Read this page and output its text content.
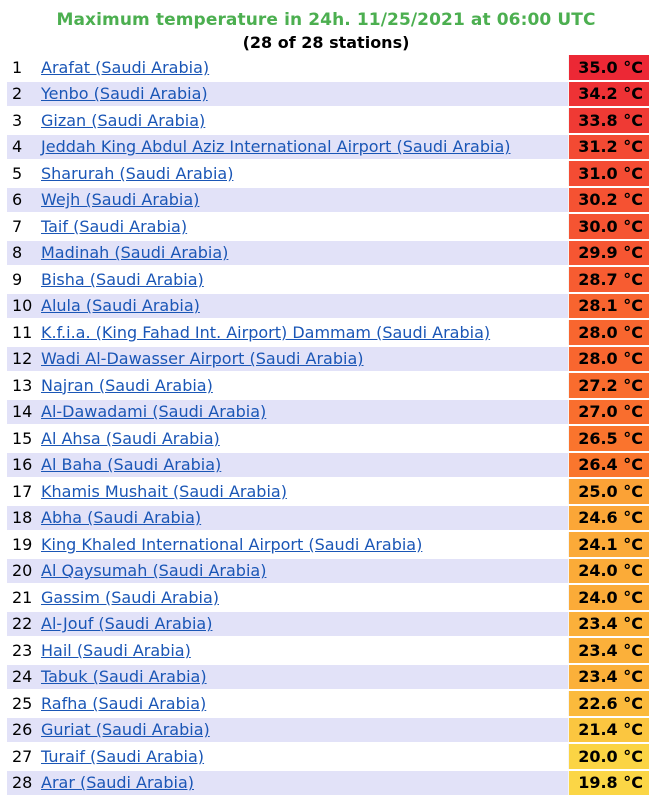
Maximum temperature in 24h. 11/25/2021 at 06:00 UTC
(28 of 28 stations)
1	Arafat (Saudi Arabia)	35.0 °C
2	Yenbo (Saudi Arabia)	34.2 °C
3	Gizan (Saudi Arabia)	33.8 °C
4	Jeddah King Abdul Aziz International Airport (Saudi Arabia)	31.2 °C
5	Sharurah (Saudi Arabia)	31.0 °C
6	Wejh (Saudi Arabia)	30.2 °C
7	Taif (Saudi Arabia)	30.0 °C
8	Madinah (Saudi Arabia)	29.9 °C
9	Bisha (Saudi Arabia)	28.7 °C
10	Alula (Saudi Arabia)	28.1 °C
11	K.f.i.a. (King Fahad Int. Airport) Dammam (Saudi Arabia)	28.0 °C
12	Wadi Al-Dawasser Airport (Saudi Arabia)	28.0 °C
13	Najran (Saudi Arabia)	27.2 °C
14	Al-Dawadami (Saudi Arabia)	27.0 °C
15	Al Ahsa (Saudi Arabia)	26.5 °C
16	Al Baha (Saudi Arabia)	26.4 °C
17	Khamis Mushait (Saudi Arabia)	25.0 °C
18	Abha (Saudi Arabia)	24.6 °C
19	King Khaled International Airport (Saudi Arabia)	24.1 °C
20	Al Qaysumah (Saudi Arabia)	24.0 °C
21	Gassim (Saudi Arabia)	24.0 °C
22	Al-Jouf (Saudi Arabia)	23.4 °C
23	Hail (Saudi Arabia)	23.4 °C
24	Tabuk (Saudi Arabia)	23.4 °C
25	Rafha (Saudi Arabia)	22.6 °C
26	Guriat (Saudi Arabia)	21.4 °C
27	Turaif (Saudi Arabia)	20.0 °C
28	Arar (Saudi Arabia)	19.8 °C
